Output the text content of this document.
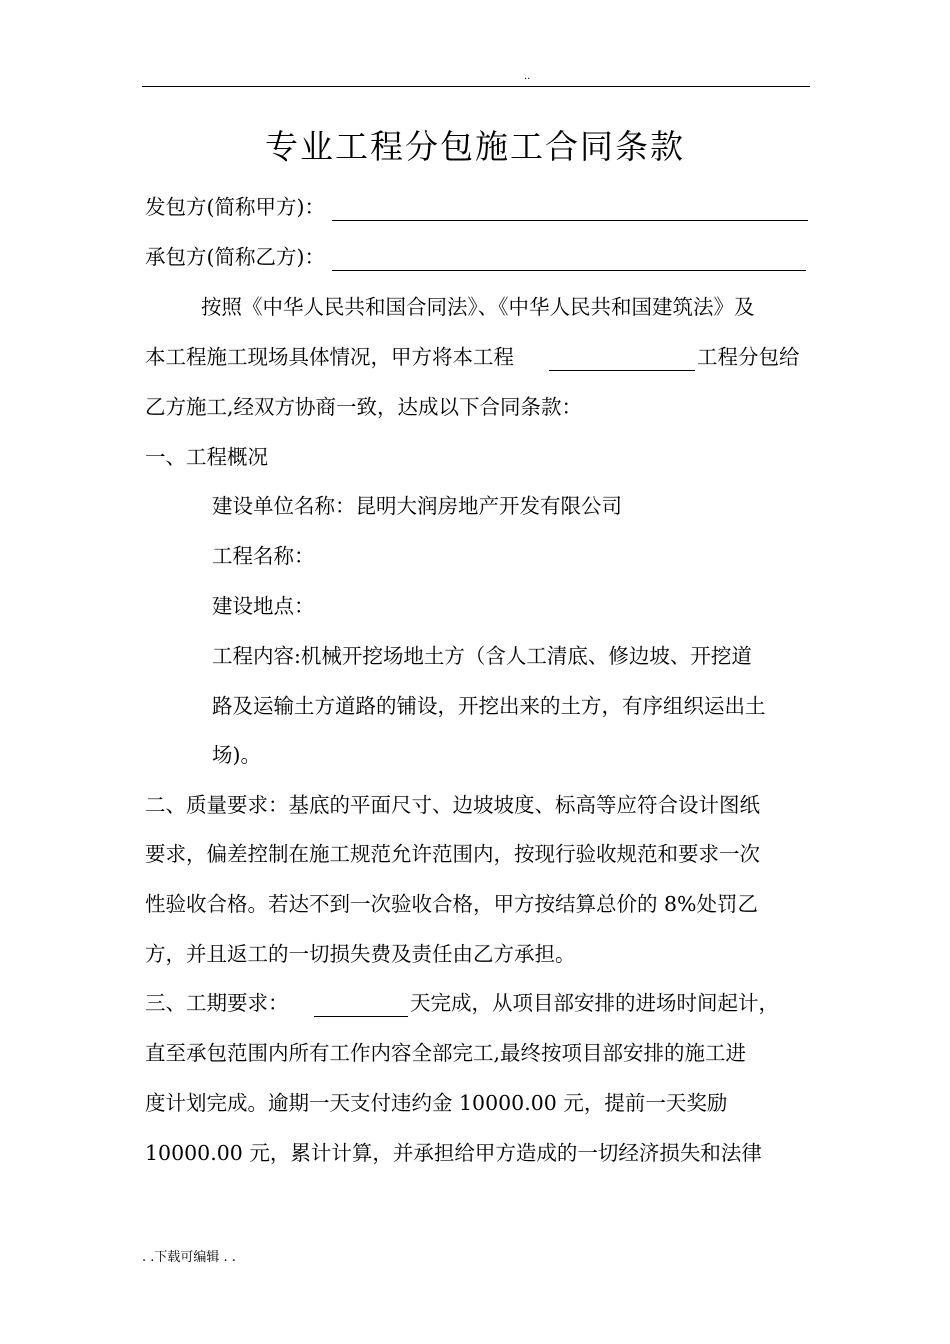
..
专业工程分包施工合同条款
发包方(简称甲方)：
承包方(简称乙方)：
按照《中华人民共和国合同法》、《中华人民共和国建筑法》及
本工程施工现场具体情况，甲方将本工程	工程分包给
乙方施工,经双方协商一致，达成以下合同条款：
一、工程概况
建设单位名称：昆明大润房地产开发有限公司
工程名称：
建设地点：
工程内容:机械开挖场地土方（含人工清底、修边坡、开挖道
路及运输土方道路的铺设，开挖出来的土方，有序组织运出土
场)。
二、质量要求：基底的平面尺寸、边坡坡度、标高等应符合设计图纸
要求，偏差控制在施工规范允许范围内，按现行验收规范和要求一次
性验收合格。若达不到一次验收合格，甲方按结算总价的 8%处罚乙
方，并且返工的一切损失费及责任由乙方承担。
三、工期要求：	天完成，从项目部安排的进场时间起计，
直至承包范围内所有工作内容全部完工,最终按项目部安排的施工进
度计划完成。逾期一天支付违约金 10000.00 元，提前一天奖励
10000.00 元，累计计算，并承担给甲方造成的一切经济损失和法律
. .下载可编辑 . .
